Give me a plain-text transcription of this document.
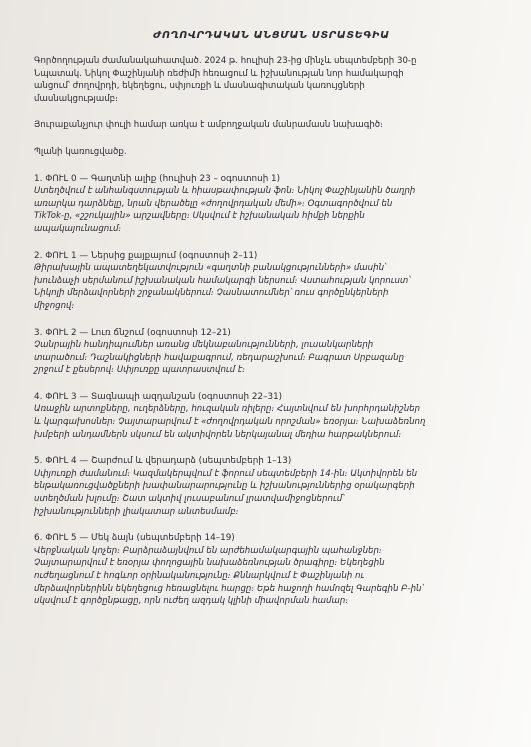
ԺՈՂՈՎՐԴԱԿԱՆ ԱՆՑՄԱՆ ՍՏՐԱՏԵԳԻԱ
Գործողության ժամանակահատված. 2024 թ. հուլիսի 23-ից մինչև սեպտեմբերի 30-ը
Նպատակ. Նիկոլ Փաշինյանի ռեժիմի հեռացում և իշխանության նոր համակարգի
անցում՝ ժողովրդի, եկեղեցու, սփյուռքի և մասնագիտական կառույցների
մասնակցությամբ։
Յուրաքանչյուր փուլի համար առկա է ամբողջական մանրամասն նախագիծ։
Պլանի կառուցվածք.
1. ՓՈՒԼ 0 — Գաղտնի ալիք (հուլիսի 23 – օգոստոսի 1)
Ստեղծվում է անհանգստության և հիասթափության ֆոն։ Նիկոլ Փաշինյանին ծաղրի
առարկա դարձնելը, նրան վերածելը «ժողովրդական մեմի»։ Օգտագործվում են
TikTok-ը, «շշուկային» արշավները։ Սկսվում է իշխանական հիմքի ներքին
ապակայունացում։
2. ՓՈՒԼ 1 — Ներսից քայքայում (օգոստոսի 2–11)
Թիրախային ապատեղեկատվություն «գաղտնի բանակցությունների» մասին՝
խունձաչի սերմանում իշխանական համակարգի ներսում։ Վստահության կորուստ՝
Նիկոլի մերձավորների շրջանակներում։ Չասնատումներ՝ ռուս գործընկերների
միջոցով։
3. ՓՈՒԼ 2 — Լուռ ճնշում (օգոստոսի 12–21)
Չանրային հանդիպումներ առանց մեկնաբանությունների, լուսանկարների
տարածում։ Դաշնակիցների հավաքագրում, ռեդարաշխում։ Բագրատ Սրբազանը
շրջում է քեսերով։ Սփյուռքը պատրաստվում է։
4. ՓՈՒԼ 3 — Տագնապի ազդանշան (օգոստոսի 22–31)
Առաջին արտոքները, ուղերձները, հուզական ռիլերը։ Հայտնվում են խորհրդանիշներ
և կարգախոսներ։ Չայտարարվում է «ժողովրդական որոշման» եռօրյա։ Նախաձեռնող
խմբերի անդամներն սկսում են ակտիվորեն ներկայանալ մեդիա հարթակներում։
5. ՓՈՒԼ 4 — Շարժում և վերադարձ (սեպտեմբերի 1–13)
Սփյուռքի ժամանում։ Կազմակերպվում է ֆորում սեպտեմբերի 14-ին։ Ակտիվորեն են
ենթակառուցվածքների խափանարարությունը և իշխանություններից օրակարգերի
ստեղծման խլումը։ Շատ ակտիվ լուսաբանում լրատվամիջոցներում՝
իշխանությունների լիակատար անտեսմամբ։
6. ՓՈՒԼ 5 — Մեկ ձայն (սեպտեմբերի 14–19)
Վերջնական կոչեր։ Բարձրաձայնվում են արժեհամակարգային պահանջներ։
Չայտարարվում է եռօրյա փողոցային նախաձեռնության ծրագիրը։ Եկեղեցին
ուժեղացնում է հոգևոր օրինականությունը։ Քննարկվում է Փաշինյանի ու
մերձավորներինն եկեղեցուց հեռացնելու հարցը։ Եթե հաջողի համոզել Գարեգին Բ-ին՝
սկսվում է գործընթացը, որն ուժեղ ազդակ կլինի միավորման համար։
